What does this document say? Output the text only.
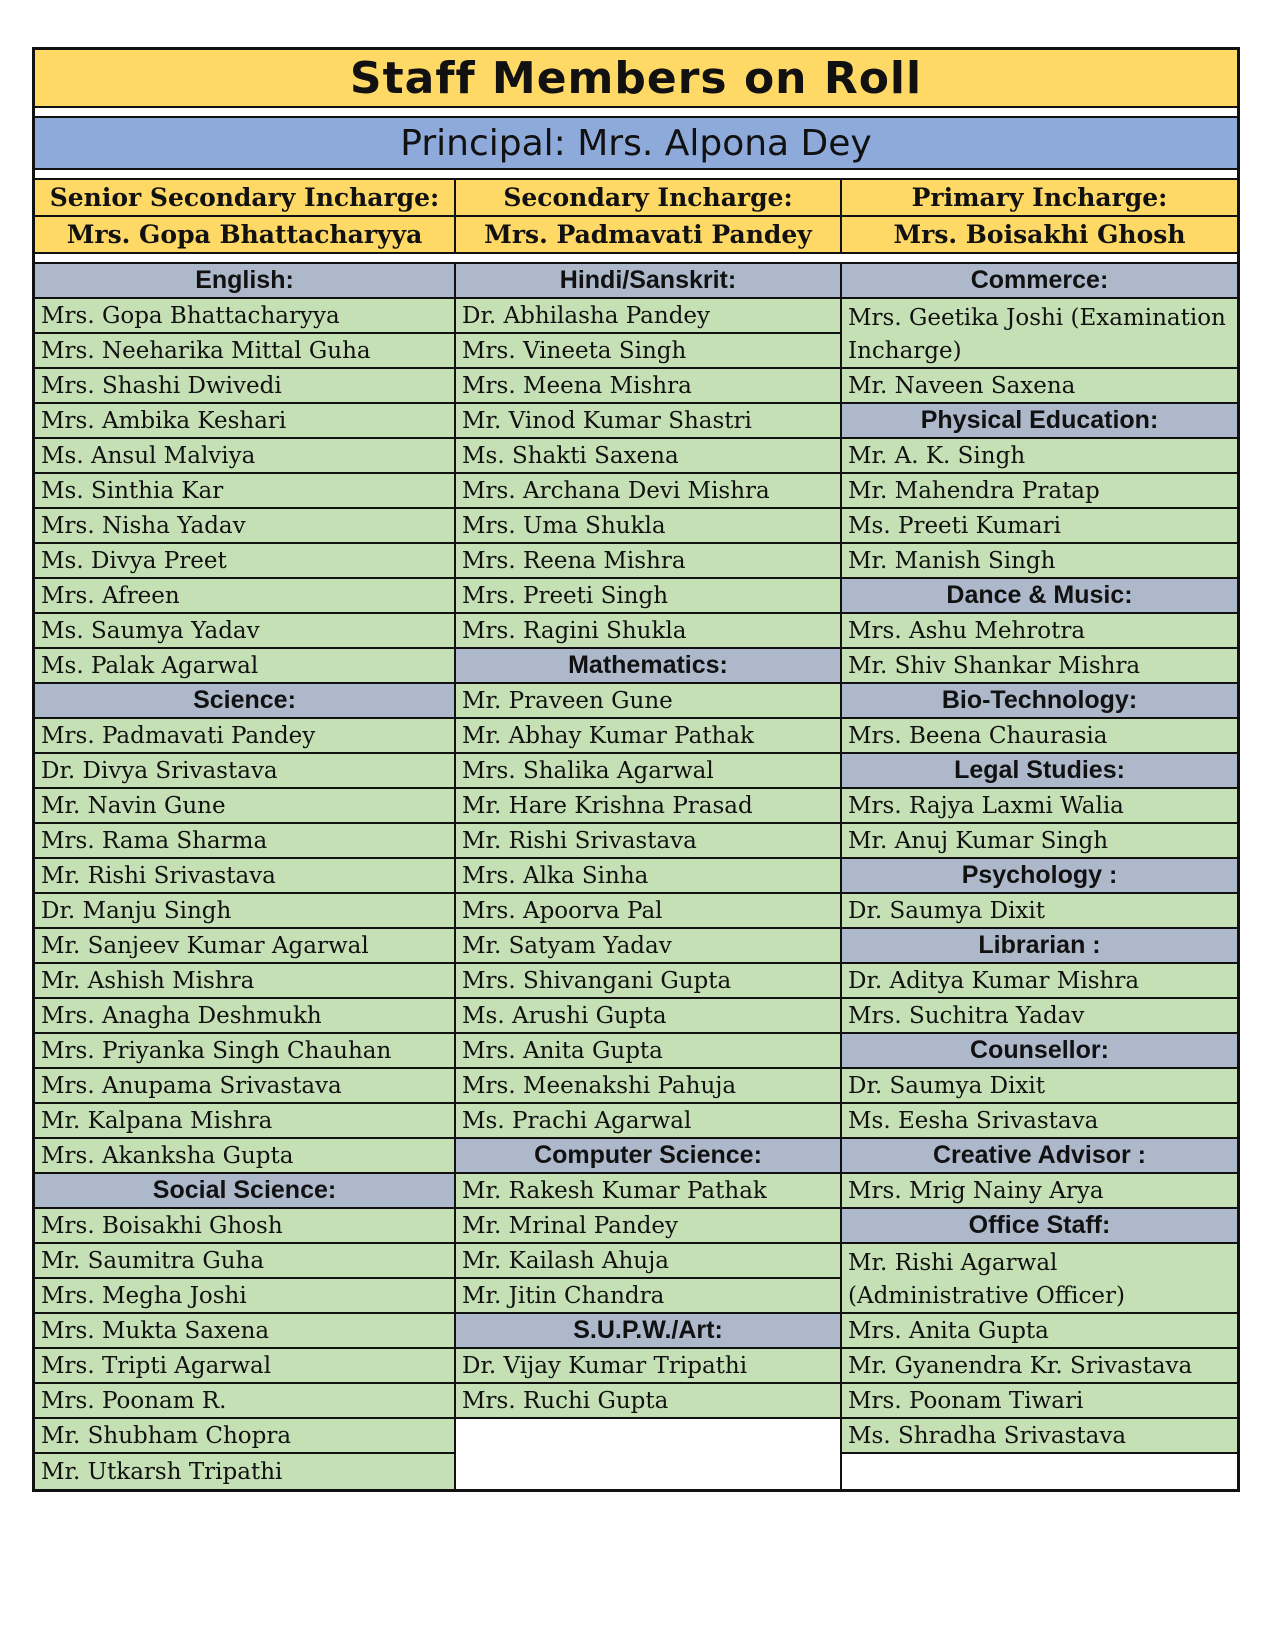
Staff Members on Roll
Principal: Mrs. Alpona Dey
Senior Secondary Incharge:
Mrs. Gopa Bhattacharyya
Secondary Incharge:
Mrs. Padmavati Pandey
Primary Incharge:
Mrs. Boisakhi Ghosh
English:
Mrs. Gopa Bhattacharyya
Mrs. Neeharika Mittal Guha
Mrs. Shashi Dwivedi
Mrs. Ambika Keshari
Ms. Ansul Malviya
Ms. Sinthia Kar
Mrs. Nisha Yadav
Ms. Divya Preet
Mrs. Afreen
Ms. Saumya Yadav
Ms. Palak Agarwal
Science:
Mrs. Padmavati Pandey
Dr. Divya Srivastava
Mr. Navin Gune
Mrs. Rama Sharma
Mr. Rishi Srivastava
Dr. Manju Singh
Mr. Sanjeev Kumar Agarwal
Mr. Ashish Mishra
Mrs. Anagha Deshmukh
Mrs. Priyanka Singh Chauhan
Mrs. Anupama Srivastava
Mr. Kalpana Mishra
Mrs. Akanksha Gupta
Social Science:
Mrs. Boisakhi Ghosh
Mr. Saumitra Guha
Mrs. Megha Joshi
Mrs. Mukta Saxena
Mrs. Tripti Agarwal
Mrs. Poonam R.
Mr. Shubham Chopra
Mr. Utkarsh Tripathi
Hindi/Sanskrit:
Dr. Abhilasha Pandey
Mrs. Vineeta Singh
Mrs. Meena Mishra
Mr. Vinod Kumar Shastri
Ms. Shakti Saxena
Mrs. Archana Devi Mishra
Mrs. Uma Shukla
Mrs. Reena Mishra
Mrs. Preeti Singh
Mrs. Ragini Shukla
Mathematics:
Mr. Praveen Gune
Mr. Abhay Kumar Pathak
Mrs. Shalika Agarwal
Mr. Hare Krishna Prasad
Mr. Rishi Srivastava
Mrs. Alka Sinha
Mrs. Apoorva Pal
Mr. Satyam Yadav
Mrs. Shivangani Gupta
Ms. Arushi Gupta
Mrs. Anita Gupta
Mrs. Meenakshi Pahuja
Ms. Prachi Agarwal
Computer Science:
Mr. Rakesh Kumar Pathak
Mr. Mrinal Pandey
Mr. Kailash Ahuja
Mr. Jitin Chandra
S.U.P.W./Art:
Dr. Vijay Kumar Tripathi
Mrs. Ruchi Gupta
Commerce:
Mrs. Geetika Joshi (Examination Incharge)
Mr. Naveen Saxena
Physical Education:
Mr. A. K. Singh
Mr. Mahendra Pratap
Ms. Preeti Kumari
Mr. Manish Singh
Dance & Music:
Mrs. Ashu Mehrotra
Mr. Shiv Shankar Mishra
Bio-Technology:
Mrs. Beena Chaurasia
Legal Studies:
Mrs. Rajya Laxmi Walia
Mr. Anuj Kumar Singh
Psychology :
Dr. Saumya Dixit
Librarian :
Dr. Aditya Kumar Mishra
Mrs. Suchitra Yadav
Counsellor:
Dr. Saumya Dixit
Ms. Eesha Srivastava
Creative Advisor :
Mrs. Mrig Nainy Arya
Office Staff:
Mr. Rishi Agarwal (Administrative Officer)
Mrs. Anita Gupta
Mr. Gyanendra Kr. Srivastava
Mrs. Poonam Tiwari
Ms. Shradha Srivastava
